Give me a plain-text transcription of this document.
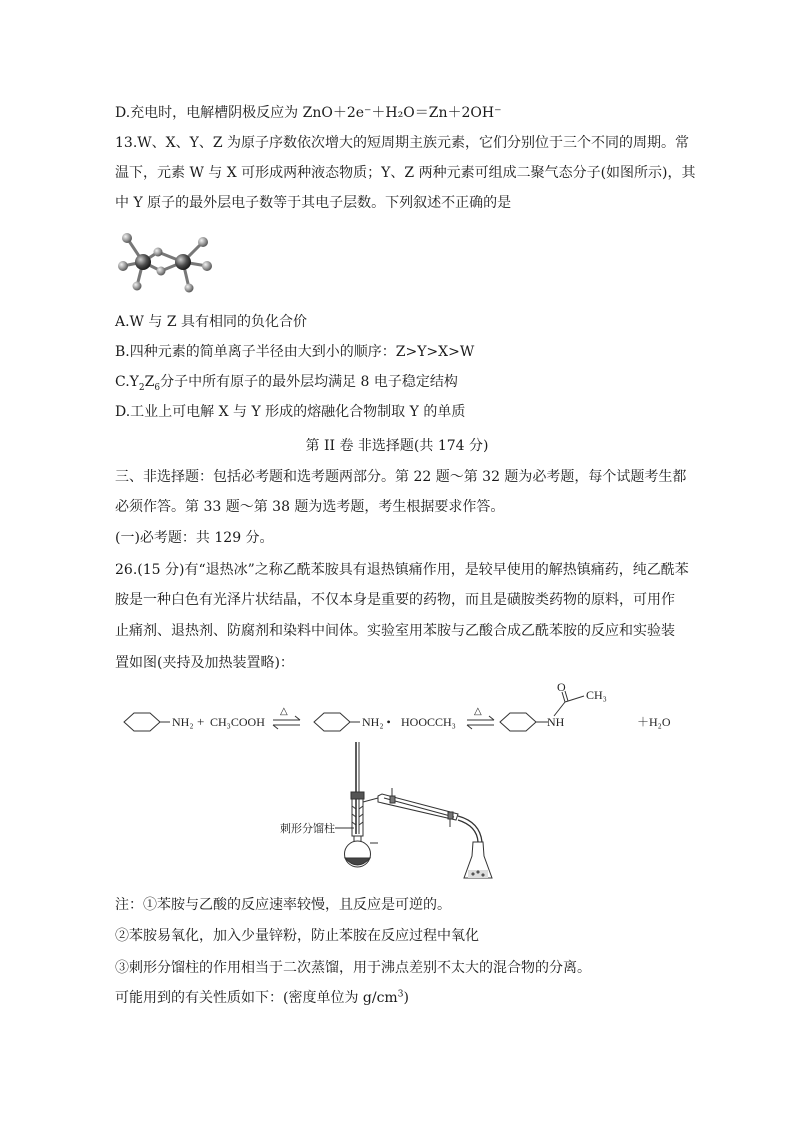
D.充电时，电解槽阴极反应为 ZnO＋2e⁻＋H₂O＝Zn＋2OH⁻
13.W、X、Y、Z 为原子序数依次增大的短周期主族元素，它们分别位于三个不同的周期。常
温下，元素 W 与 X 可形成两种液态物质；Y、Z 两种元素可组成二聚气态分子(如图所示)，其
中 Y 原子的最外层电子数等于其电子层数。下列叙述不正确的是
A.W 与 Z 具有相同的负化合价
B.四种元素的简单离子半径由大到小的顺序：Z>Y>X>W
$C.Y_2Z_6$分子中所有原子的最外层均满足 8 电子稳定结构
D.工业上可电解 X 与 Y 形成的熔融化合物制取 Y 的单质
第 II 卷 非选择题(共 174 分)
三、非选择题：包括必考题和选考题两部分。第 22 题～第 32 题为必考题，每个试题考生都
必须作答。第 33 题～第 38 题为选考题，考生根据要求作答。
(一)必考题：共 129 分。
26.(15 分)有“退热冰”之称乙酰苯胺具有退热镇痛作用，是较早使用的解热镇痛药，纯乙酰苯
胺是一种白色有光泽片状结晶，不仅本身是重要的药物，而且是磺胺类药物的原料，可用作
止痛剂、退热剂、防腐剂和染料中间体。实验室用苯胺与乙酸合成乙酰苯胺的反应和实验装
置如图(夹持及加热装置略)：
NH₂ + CH₃COOH
△
NH₂ • HOOCCH₃
△
O
CH₃
NH	＋H₂O
刺形分馏柱
注：①苯胺与乙酸的反应速率较慢，且反应是可逆的。
②苯胺易氧化，加入少量锌粉，防止苯胺在反应过程中氧化
③刺形分馏柱的作用相当于二次蒸馏，用于沸点差别不太大的混合物的分离。
可能用到的有关性质如下：(密度单位为 $g/cm^3$)
